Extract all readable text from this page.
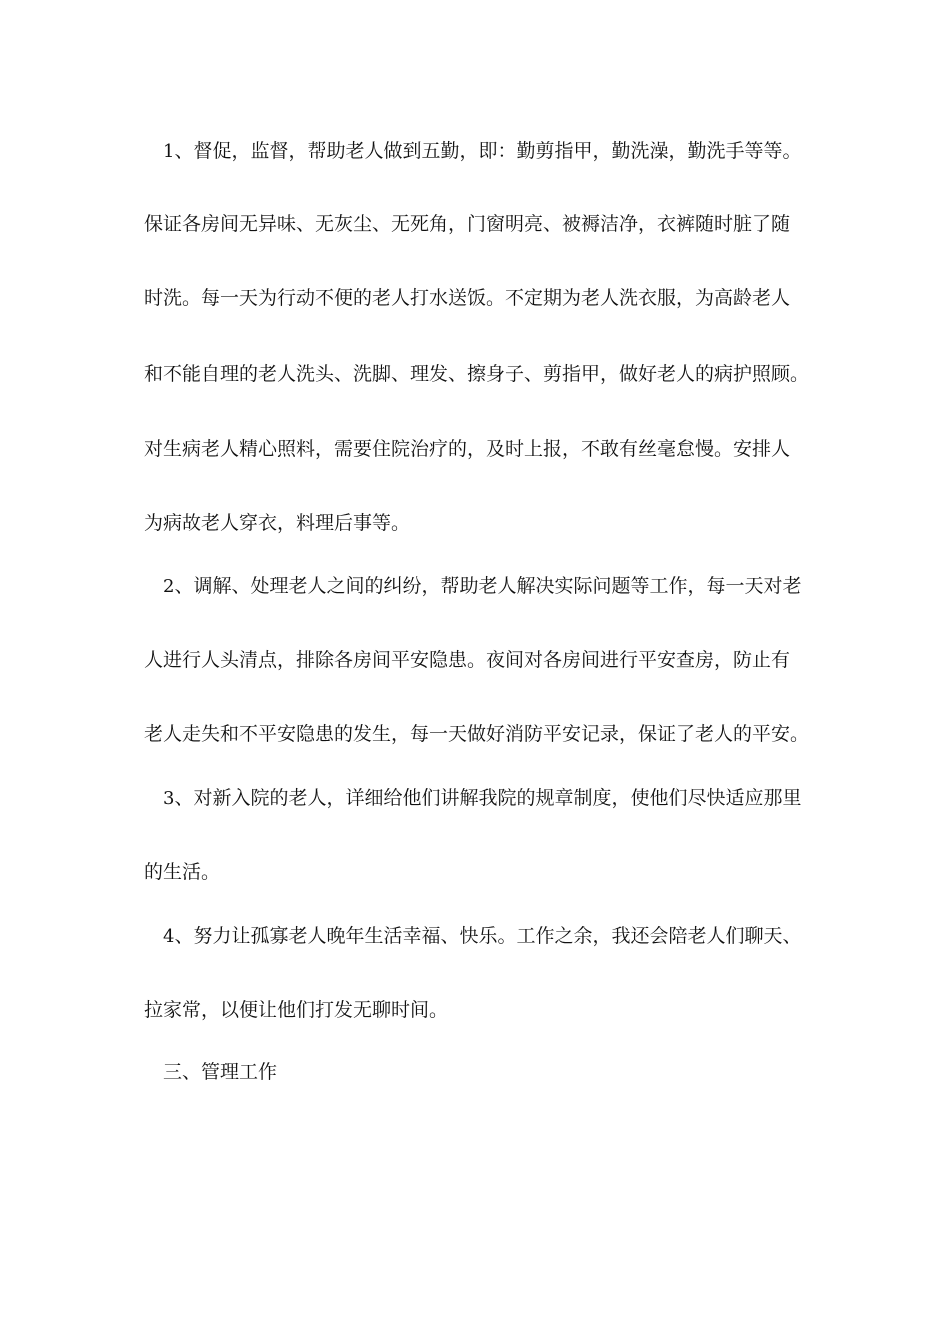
1、督促，监督，帮助老人做到五勤，即：勤剪指甲，勤洗澡，勤洗手等等。
保证各房间无异味、无灰尘、无死角，门窗明亮、被褥洁净，衣裤随时脏了随
时洗。每一天为行动不便的老人打水送饭。不定期为老人洗衣服，为高龄老人
和不能自理的老人洗头、洗脚、理发、擦身子、剪指甲，做好老人的病护照顾。
对生病老人精心照料，需要住院治疗的，及时上报，不敢有丝毫怠慢。安排人
为病故老人穿衣，料理后事等。
2、调解、处理老人之间的纠纷，帮助老人解决实际问题等工作，每一天对老
人进行人头清点，排除各房间平安隐患。夜间对各房间进行平安查房，防止有
老人走失和不平安隐患的发生，每一天做好消防平安记录，保证了老人的平安。
3、对新入院的老人，详细给他们讲解我院的规章制度，使他们尽快适应那里
的生活。
4、努力让孤寡老人晚年生活幸福、快乐。工作之余，我还会陪老人们聊天、
拉家常，以便让他们打发无聊时间。
三、管理工作
